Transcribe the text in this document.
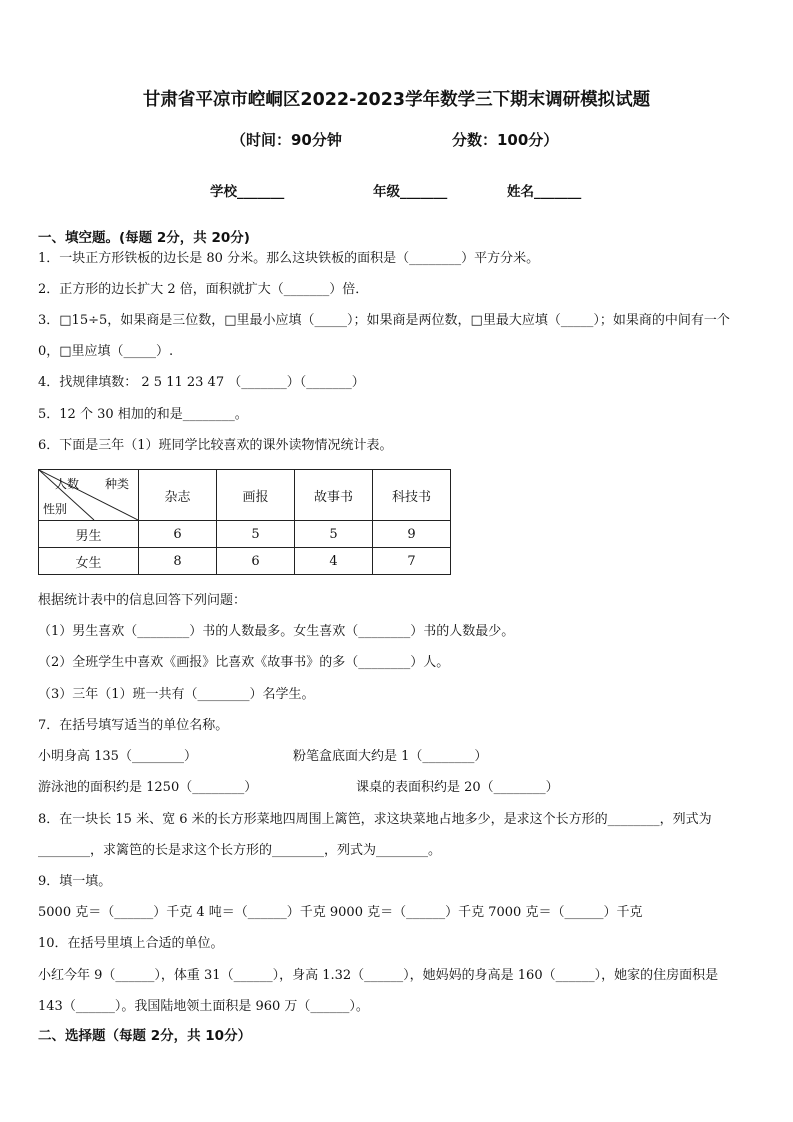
甘肃省平凉市崆峒区2022-2023学年数学三下期末调研模拟试题
（时间：90分钟	分数：100分）
学校_______	年级_______	姓名_______
一、填空题。(每题 2分，共 20分)
1．一块正方形铁板的边长是 80 分米。那么这块铁板的面积是（________）平方分米。
2．正方形的边长扩大 2 倍，面积就扩大（_______）倍．
3．□15÷5，如果商是三位数，□里最小应填（_____）；如果商是两位数，□里最大应填（_____）；如果商的中间有一个
0，□里应填（_____）.
4．找规律填数： 2 5 11 23 47 （_______）（_______）
5．12 个 30 相加的和是________。
6．下面是三年（1）班同学比较喜欢的课外读物情况统计表。
人数 种类
性别	杂志	画报	故事书	科技书
男生	6	5	5	9
女生	8	6	4	7
根据统计表中的信息回答下列问题：
（1）男生喜欢（________）书的人数最多。女生喜欢（________）书的人数最少。
（2）全班学生中喜欢《画报》比喜欢《故事书》的多（________）人。
（3）三年（1）班一共有（________）名学生。
7．在括号填写适当的单位名称。
小明身高 135（________）	粉笔盒底面大约是 1（________）
游泳池的面积约是 1250（________）	课桌的表面积约是 20（________）
8．在一块长 15 米、宽 6 米的长方形菜地四周围上篱笆，求这块菜地占地多少，是求这个长方形的________，列式为
________，求篱笆的长是求这个长方形的________，列式为________。
9．填一填。
5000 克＝（______）千克 4 吨＝（______）千克 9000 克＝（______）千克 7000 克＝（______）千克
10．在括号里填上合适的单位。
小红今年 9（______），体重 31（______），身高 1.32（______），她妈妈的身高是 160（______），她家的住房面积是
143（______）。我国陆地领土面积是 960 万（______）。
二、选择题（每题 2分，共 10分）
